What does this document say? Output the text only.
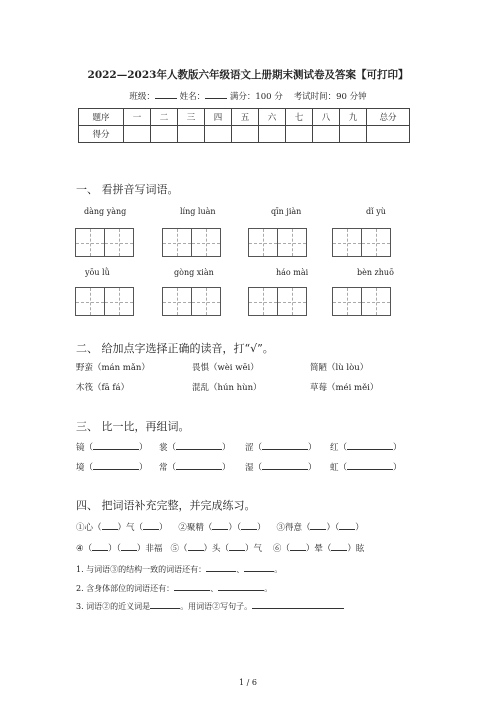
2022—2023年人教版六年级语文上册期末测试卷及答案【可打印】
班级：	姓名：	满分：100 分 考试时间：90 分钟
题序	一	二	三	四	五	六	七	八	九	总分
得分										
一、 看拼音写词语。
dàng yàng	líng luàn	qīn jiàn	dǐ yù
yōu lǜ	gòng xiàn	háo mài	bèn zhuō
二、 给加点字选择正确的读音，打“√”。
野蛮（mán mǎn）	畏惧（wèi wēi）	简陋（lù lòu）
木筏（fā fá）	混乱（hún hùn）	草莓（méi měi）
三、 比一比，再组词。
镜（	） 裳（	） 涩（	） 红（	）
境（	） 常（	） 湿（	） 虹（	）
四、 把词语补充完整，并完成练习。
①心（ ）气（ ） ②聚精（ ）（ ） ③得意（ ）（ ）
④（ ）（ ）非福 ⑤（ ）头（ ）气 ⑥（ ）晕（ ）眩
1. 与词语③的结构一致的词语还有：	、	。
2. 含身体部位的词语还有：	、	。
3. 词语②的近义词是	。用词语②写句子。
1 / 6
